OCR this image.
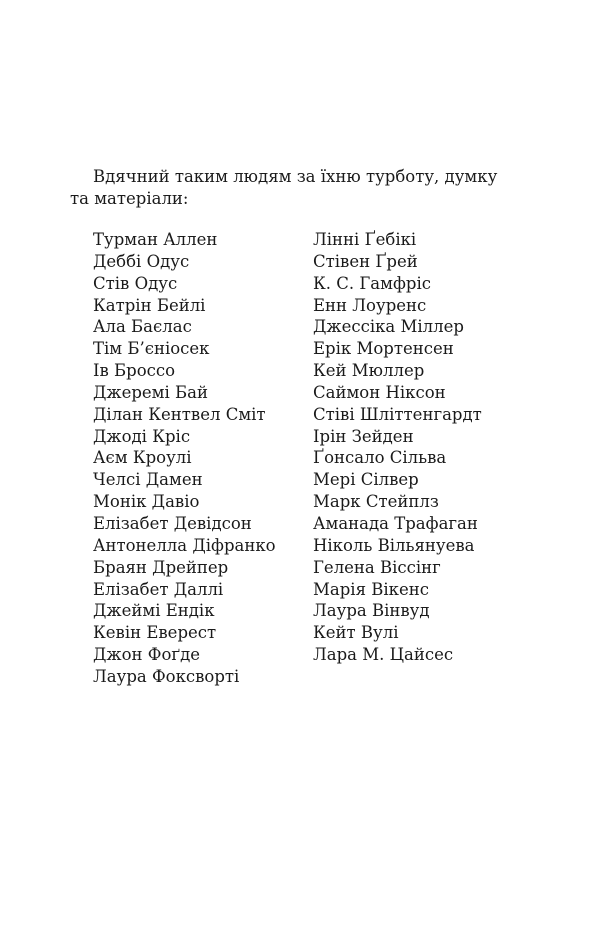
Вдячний таким людям за їхню турботу, думку та матеріали:

Турман Аллен
Деббі Одус
Стів Одус
Катрін Бейлі
Ала Баєлас
Тім Б’єніосек
Ів Броссо
Джеремі Бай
Ділан Кентвел Сміт
Джоді Кріс
Аєм Кроулі
Челсі Дамен
Монік Давіо
Елізабет Девідсон
Антонелла Діфранко
Браян Дрейпер
Елізабет Даллі
Джеймі Ендік
Кевін Еверест
Джон Фоґде
Лаура Фоксворті
Лінні Ґебікі
Стівен Ґрей
К. С. Гамфріс
Енн Лоуренс
Джессіка Міллер
Ерік Мортенсен
Кей Мюллер
Саймон Ніксон
Стіві Шліттенгардт
Ірін Зейден
Ґонсало Сільва
Мері Сілвер
Марк Стейплз
Аманада Трафаган
Ніколь Вільянуева
Гелена Віссінг
Марія Вікенс
Лаура Вінвуд
Кейт Вулі
Лара М. Цайсес
